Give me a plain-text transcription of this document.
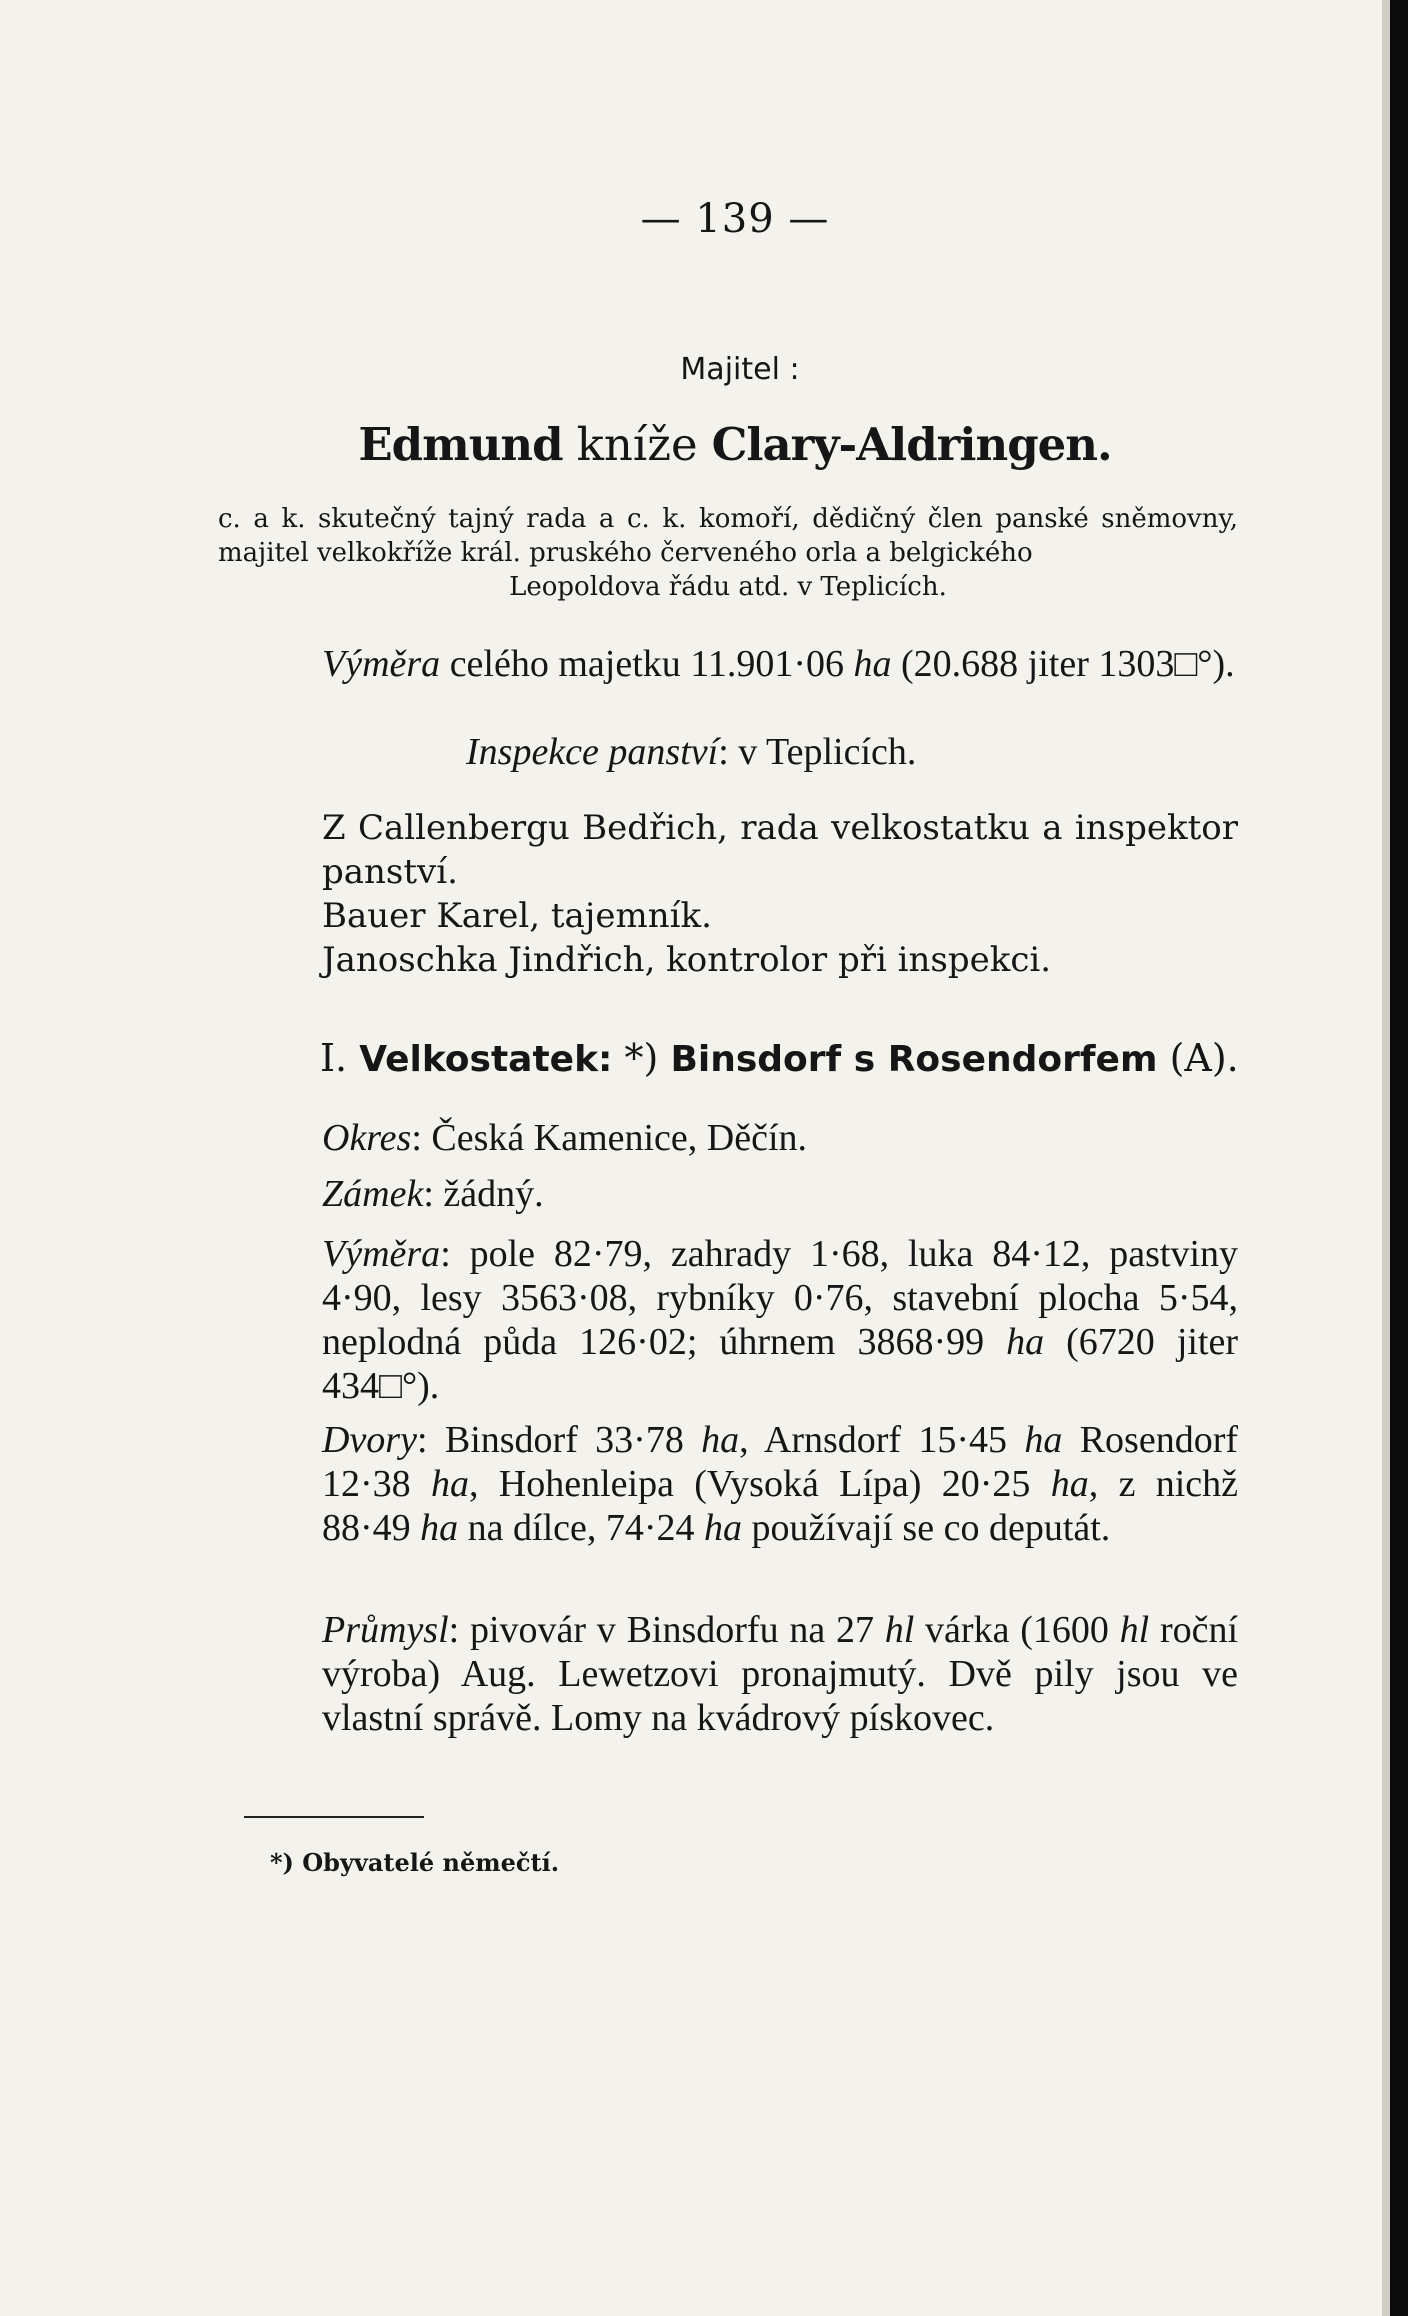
— 139 —
Majitel :
Edmund kníže Clary-Aldringen.
c. a k. skutečný tajný rada a c. k. komoří, dědičný člen panské sněmovny, majitel velkokříže král. pruského červeného orla a belgického
Leopoldova řádu atd. v Teplicích.
Výměra celého majetku 11.901·06 ha (20.688 jiter 1303□°).
Inspekce panství: v Teplicích.
Z Callenbergu Bedřich, rada velkostatku a inspektor panství.
Bauer Karel, tajemník.
Janoschka Jindřich, kontrolor při inspekci.
I. Velkostatek: *) Binsdorf s Rosendorfem (A).
Okres: Česká Kamenice, Děčín.
Zámek: žádný.
Výměra: pole 82·79, zahrady 1·68, luka 84·12, pastviny 4·90, lesy 3563·08, rybníky 0·76, stavební plocha 5·54, neplodná půda 126·02; úhrnem 3868·99 ha (6720 jiter 434□°).
Dvory: Binsdorf 33·78 ha, Arnsdorf 15·45 ha Rosendorf 12·38 ha, Hohenleipa (Vysoká Lípa) 20·25 ha, z nichž 88·49 ha na dílce, 74·24 ha používají se co deputát.
Průmysl: pivovár v Binsdorfu na 27 hl várka (1600 hl roční výroba) Aug. Lewetzovi pronajmutý. Dvě pily jsou ve vlastní správě. Lomy na kvádrový pískovec.
*) Obyvatelé němečtí.
